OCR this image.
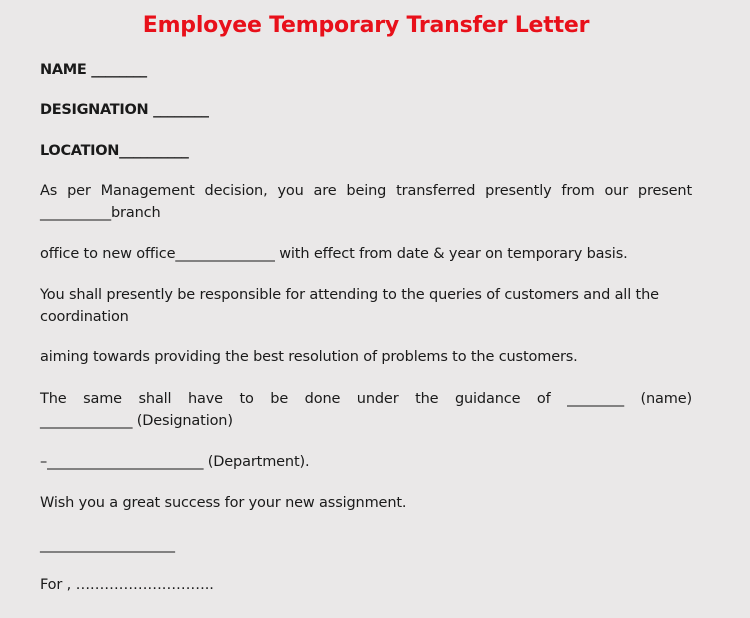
Employee Temporary Transfer Letter
NAME ________
DESIGNATION ________
LOCATION__________
As per Management decision, you are being transferred presently from our present
__________branch
office to new office______________ with effect from date & year on temporary basis.
You shall presently be responsible for attending to the queries of customers and all the
coordination
aiming towards providing the best resolution of problems to the customers.
The same shall have to be done under the guidance of ________ (name)
_____________ (Designation)
–______________________ (Department).
Wish you a great success for your new assignment.
___________________
For , ………………………..
